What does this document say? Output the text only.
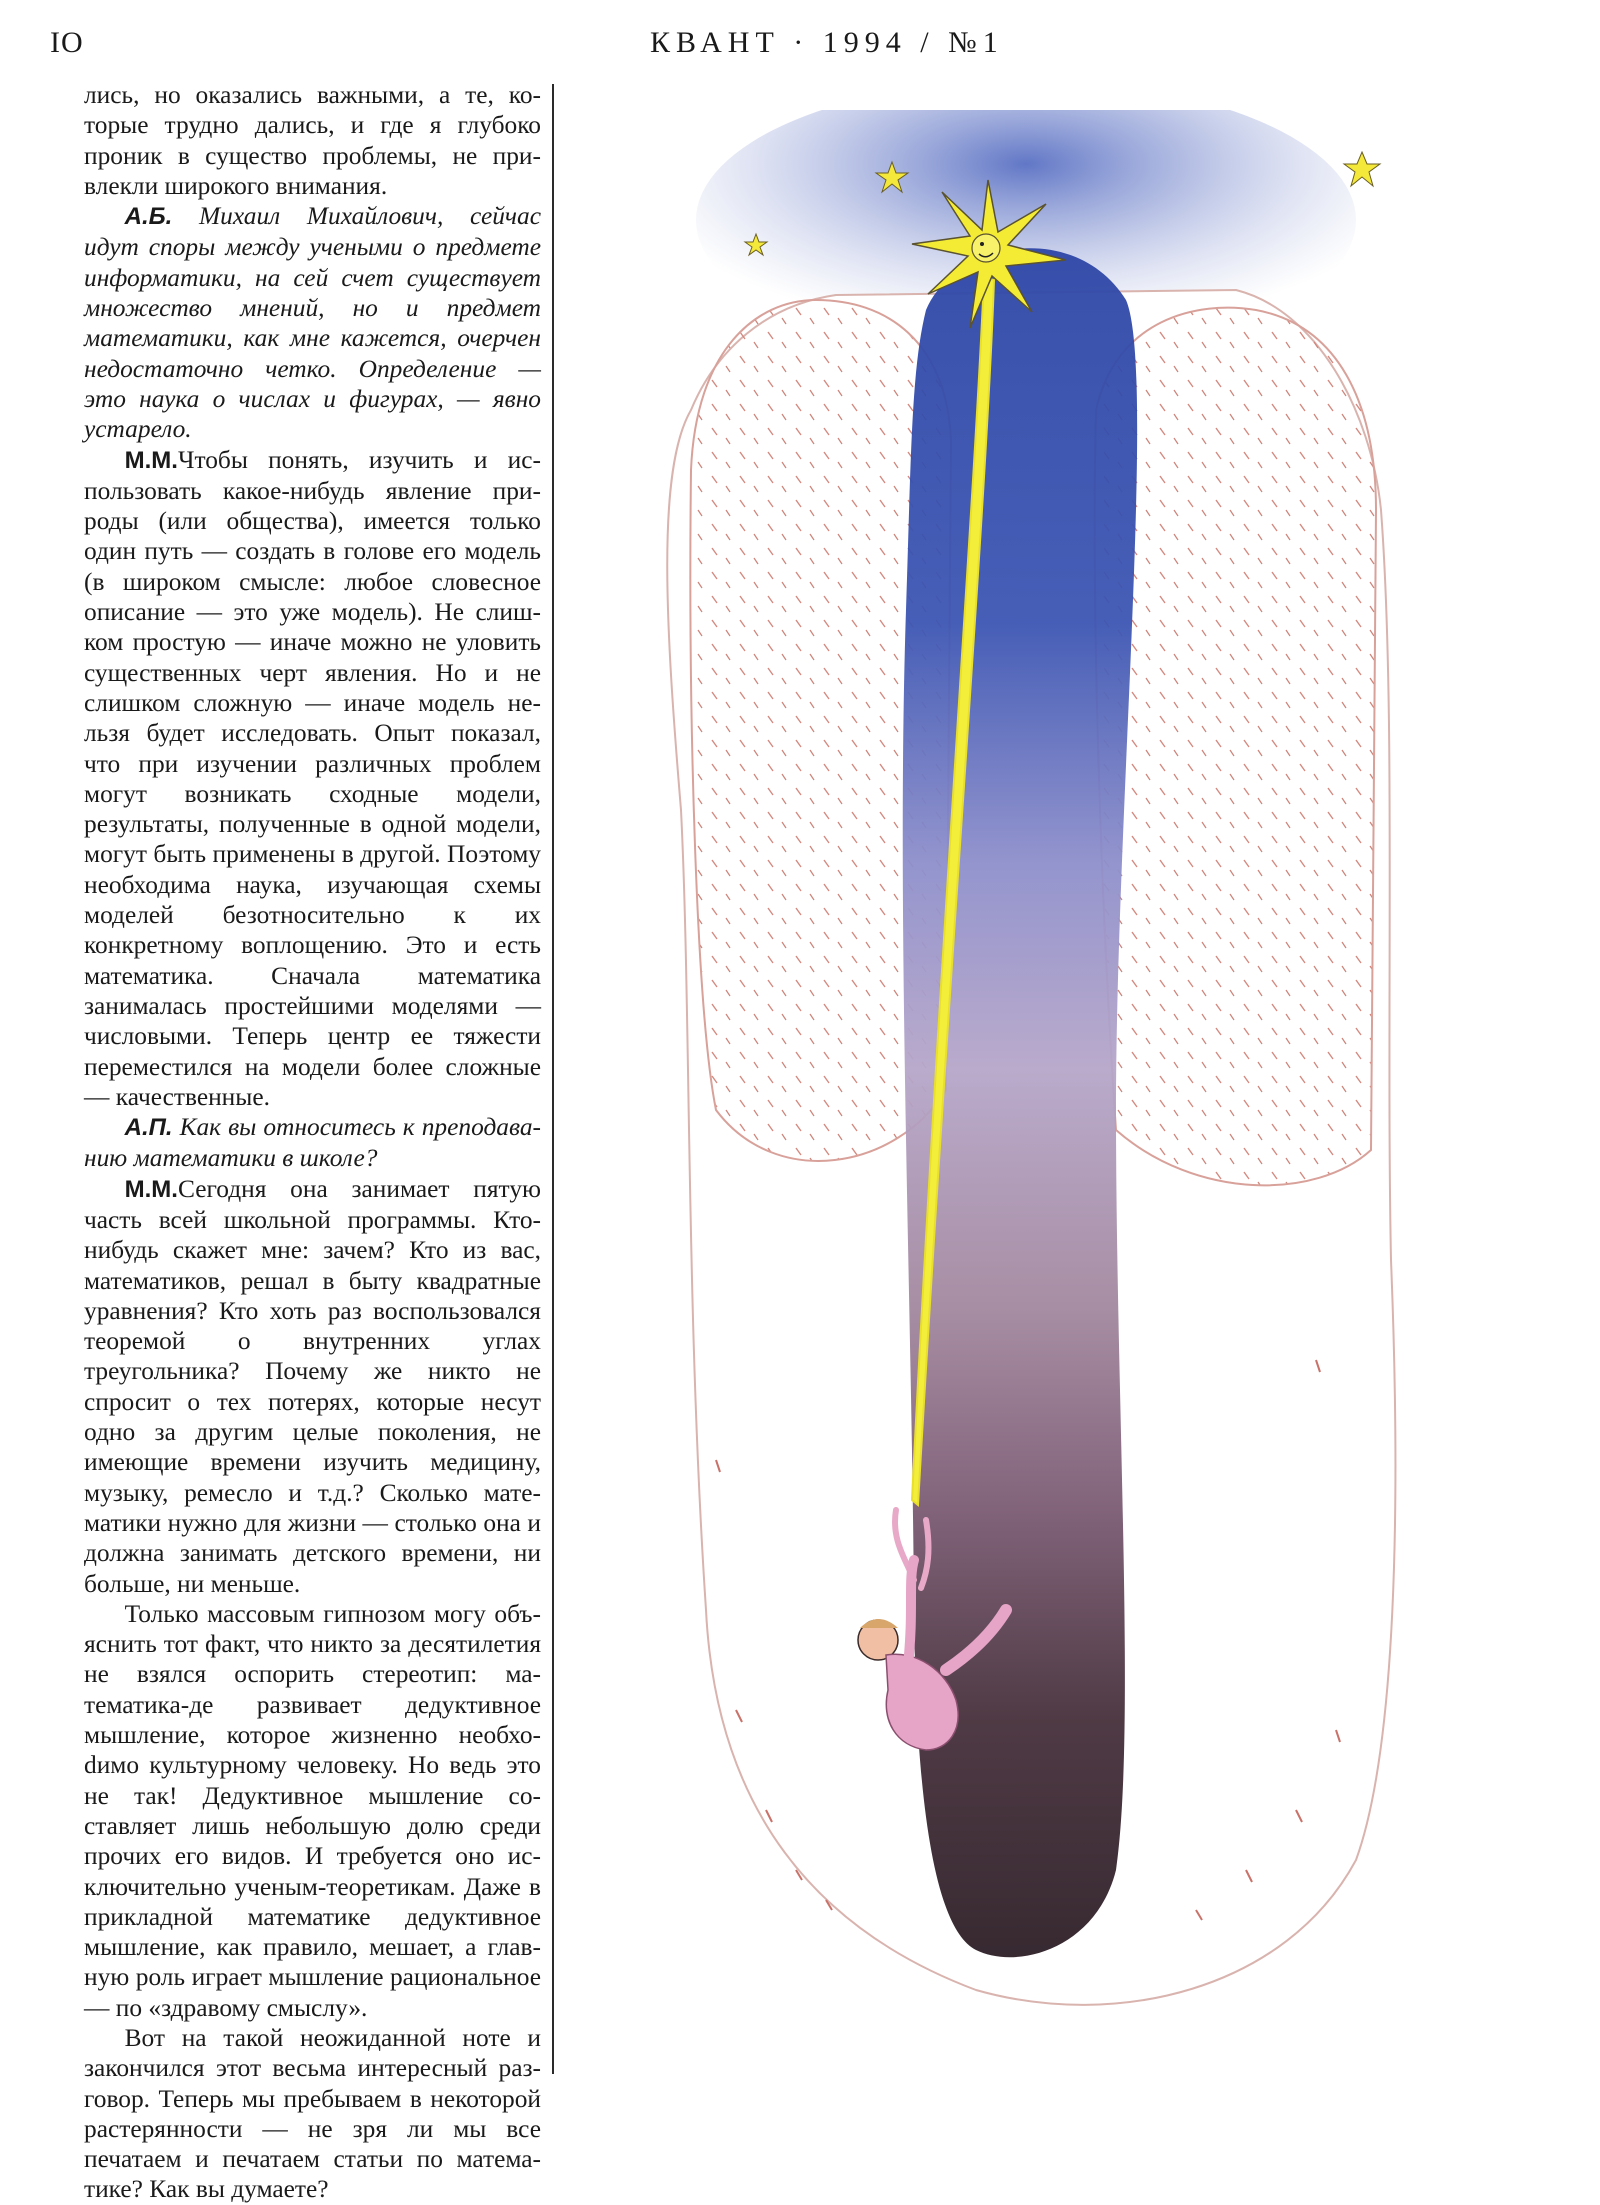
IO	КВАНТ · 1994 / №1

лись, но оказались важными, а те, которые трудно дались, и где я глубоко проник в существо проблемы, не привлекли широкого внимания.

А.Б. Михаил Михайлович, сейчас идут споры между учеными о предмете информатики, на сей счет существует множество мнений, но и предмет математики, как мне кажется, очерчен недостаточно четко. Определение — это наука о числах и фигурах, — явно устарело.

М.М.Чтобы понять, изучить и использовать какое-нибудь явление природы (или общества), имеется только один путь — создать в голове его модель (в широком смысле: любое словесное описание — это уже модель). Не слишком простую — иначе можно не уловить существенных черт явления. Но и не слишком сложную — иначе модель нельзя будет исследовать. Опыт показал, что при изучении различных проблем могут возникать сходные модели, результаты, полученные в одной модели, могут быть применены в другой. Поэтому необходима наука, изучающая схемы моделей безотносительно к их конкретному воплощению. Это и есть математика. Сначала математика занималась простейшими моделями — числовыми. Теперь центр ее тяжести переместился на модели более сложные — качественные.

А.П. Как вы относитесь к преподаванию математики в школе?

М.М.Сегодня она занимает пятую часть всей школьной программы. Кто-нибудь скажет мне: зачем? Кто из вас, математиков, решал в быту квадратные уравнения? Кто хоть раз воспользовался теоремой о внутренних углах треугольника? Почему же никто не спросит о тех потерях, которые несут одно за другим целые поколения, не имеющие времени изучить медицину, музыку, ремесло и т.д.? Сколько математики нужно для жизни — столько она и должна занимать детского времени, ни больше, ни меньше.

Только массовым гипнозом могу объяснить тот факт, что никто за десятилетия не взялся оспорить стереотип: математика-де развивает дедуктивное мышление, которое жизненно необхоdимо культурному человеку. Но ведь это не так! Дедуктивное мышление составляет лишь небольшую долю среди прочих его видов. И требуется оно исключительно ученым-теоретикам. Даже в прикладной математике дедуктивное мышление, как правило, мешает, а главную роль играет мышление рациональное — по «здравому смыслу».

Вот на такой неожиданной ноте и закончился этот весьма интересный разговор. Теперь мы пребываем в некоторой растерянности — не зря ли мы все печатаем и печатаем статьи по математике? Как вы думаете?
